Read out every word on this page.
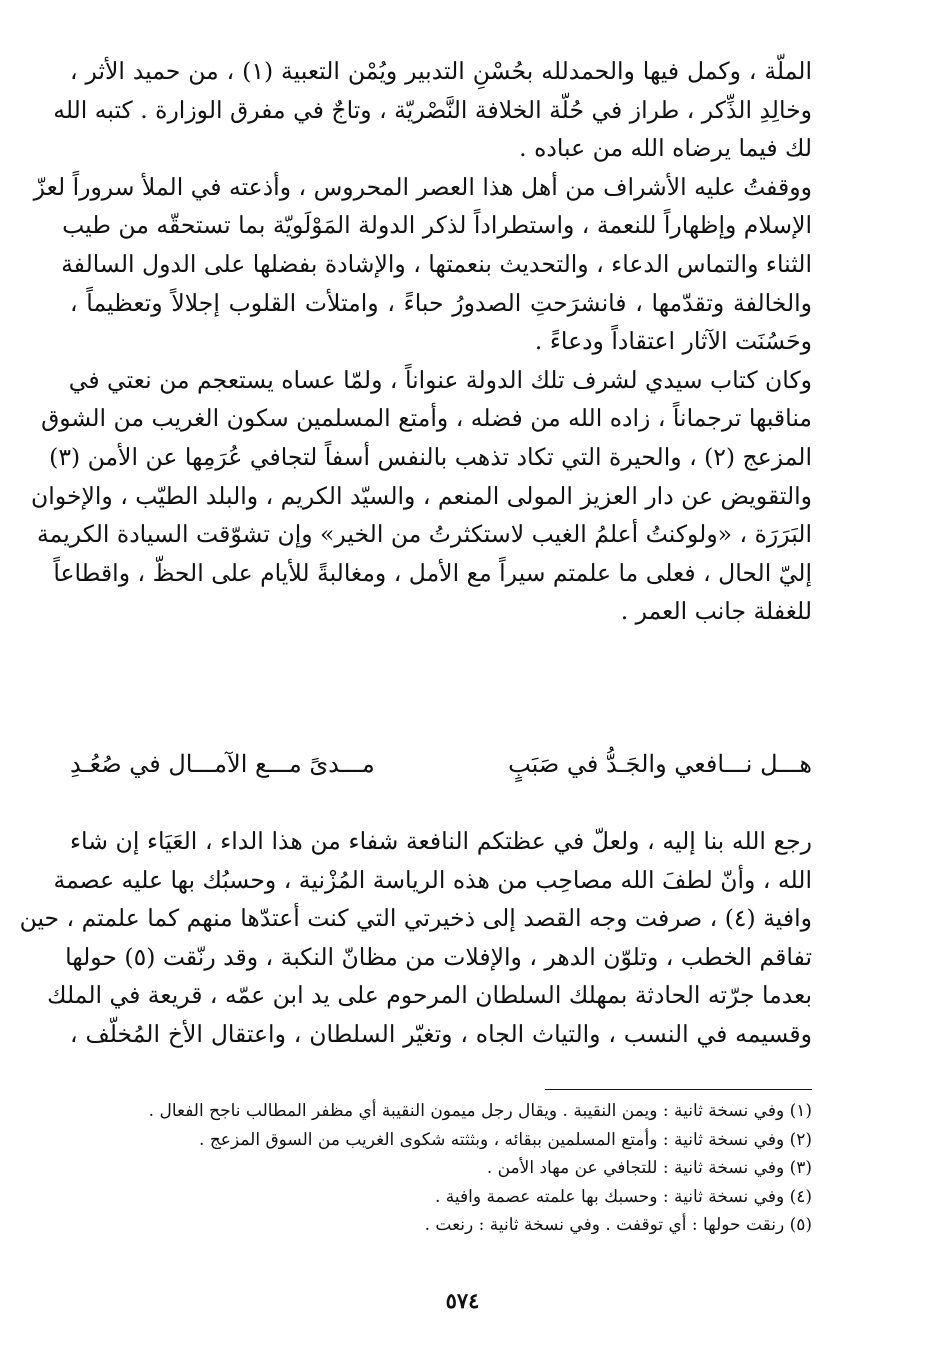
الملّة ، وكمل فيها والحمدلله بحُسْنِ التدبير ويُمْن التعبية (١) ، من حميد الأثر ،
وخالِدِ الذِّكر ، طراز في حُلّة الخلافة النَّصْريّة ، وتاجٌ في مفرق الوزارة . كتبه الله
لك فيما يرضاه الله من عباده .
ووقفتُ عليه الأشراف من أهل هذا العصر المحروس ، وأذعته في الملأ سروراً لعزّ
الإسلام وإظهاراً للنعمة ، واستطراداً لذكر الدولة المَوْلَويّة بما تستحقّه من طيب
الثناء والتماس الدعاء ، والتحديث بنعمتها ، والإشادة بفضلها على الدول السالفة
والخالفة وتقدّمها ، فانشرَحتِ الصدورُ حباءً ، وامتلأت القلوب إجلالاً وتعظيماً ،
وحَسُنَت الآثار اعتقاداً ودعاءً .
وكان كتاب سيدي لشرف تلك الدولة عنواناً ، ولمّا عساه يستعجم من نعتي في
مناقبها ترجماناً ، زاده الله من فضله ، وأمتع المسلمين سكون الغريب من الشوق
المزعج (٢) ، والحيرة التي تكاد تذهب بالنفس أسفاً لتجافي عُرَمِها عن الأمن (٣)
والتقويض عن دار العزيز المولى المنعم ، والسيّد الكريم ، والبلد الطيّب ، والإخوان
البَرَرَة ، «ولوكنتُ أعلمُ الغيب لاستكثرتُ من الخير» وإن تشوّقت السيادة الكريمة
إليّ الحال ، فعلى ما علمتم سيراً مع الأمل ، ومغالبةً للأيام على الحظّ ، واقطاعاً
للغفلة جانب العمر .
هـــل نـــافعي والجَـدُّ في صَبَبٍ
مـــدىً مـــع الآمـــال في صُعُـدِ
رجع الله بنا إليه ، ولعلّ في عظتكم النافعة شفاء من هذا الداء ، العَيَاء إن شاء
الله ، وأنّ لطفَ الله مصاحِب من هذه الرياسة المُزْنية ، وحسبُك بها عليه عصمة
وافية (٤) ، صرفت وجه القصد إلى ذخيرتي التي كنت أعتدّها منهم كما علمتم ، حين
تفاقم الخطب ، وتلوّن الدهر ، والإفلات من مظانّ النكبة ، وقد رنّقت (٥) حولها
بعدما جرّته الحادثة بمهلك السلطان المرحوم على يد ابن عمّه ، قريعة في الملك
وقسيمه في النسب ، والتياث الجاه ، وتغيّر السلطان ، واعتقال الأخ المُخلّف ،
(١) وفي نسخة ثانية : ويمن النقيبة . ويقال رجل ميمون النقيبة أي مظفر المطالب ناجح الفعال .
(٢) وفي نسخة ثانية : وأمتع المسلمين ببقائه ، وبثثته شكوى الغريب من السوق المزعج .
(٣) وفي نسخة ثانية : للتجافي عن مهاد الأمن .
(٤) وفي نسخة ثانية : وحسبك بها علمته عصمة وافية .
(٥) رنقت حولها : أي توقفت . وفي نسخة ثانية : رنعت .
٥٧٤
